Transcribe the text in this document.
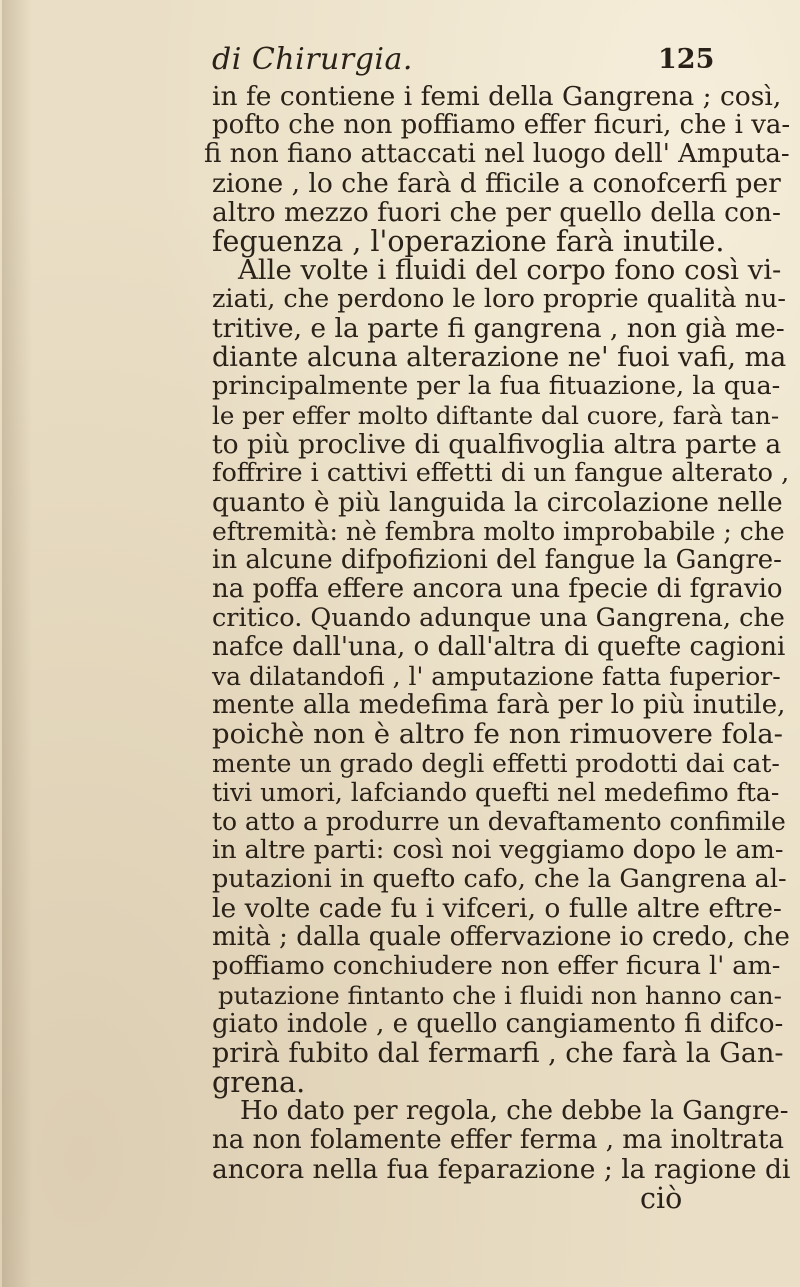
di Chirurgia.	125
in fe contiene i femi della Gangrena ; così,
pofto che non poffiamo effer ficuri, che i va-
fi non fiano attaccati nel luogo dell' Amputa-
zione , lo che farà d fficile a conofcerfi per
altro mezzo fuori che per quello della con-
feguenza , l'operazione farà inutile.
Alle volte i fluidi del corpo fono così vi-
ziati, che perdono le loro proprie qualità nu-
tritive, e la parte fi gangrena , non già me-
diante alcuna alterazione ne' fuoi vafi, ma
principalmente per la fua fituazione, la qua-
le per effer molto diftante dal cuore, farà tan-
to più proclive di qualfivoglia altra parte a
foffrire i cattivi effetti di un fangue alterato ,
quanto è più languida la circolazione nelle
eftremità: nè fembra molto improbabile ; che
in alcune difpofizioni del fangue la Gangre-
na poffa effere ancora una fpecie di fgravio
critico. Quando adunque una Gangrena, che
nafce dall'una, o dall'altra di quefte cagioni
va dilatandofi , l' amputazione fatta fuperior-
mente alla medefima farà per lo più inutile,
poichè non è altro fe non rimuovere fola-
mente un grado degli effetti prodotti dai cat-
tivi umori, lafciando quefti nel medefimo fta-
to atto a produrre un devaftamento confimile
in altre parti: così noi veggiamo dopo le am-
putazioni in quefto cafo, che la Gangrena al-
le volte cade fu i vifceri, o fulle altre eftre-
mità ; dalla quale offervazione io credo, che
poffiamo conchiudere non effer ficura l' am-
putazione fintanto che i fluidi non hanno can-
giato indole , e quello cangiamento fi difco-
prirà fubito dal fermarfi , che farà la Gan-
grena.
Ho dato per regola, che debbe la Gangre-
na non folamente effer ferma , ma inoltrata
ancora nella fua feparazione ; la ragione di
ciò
